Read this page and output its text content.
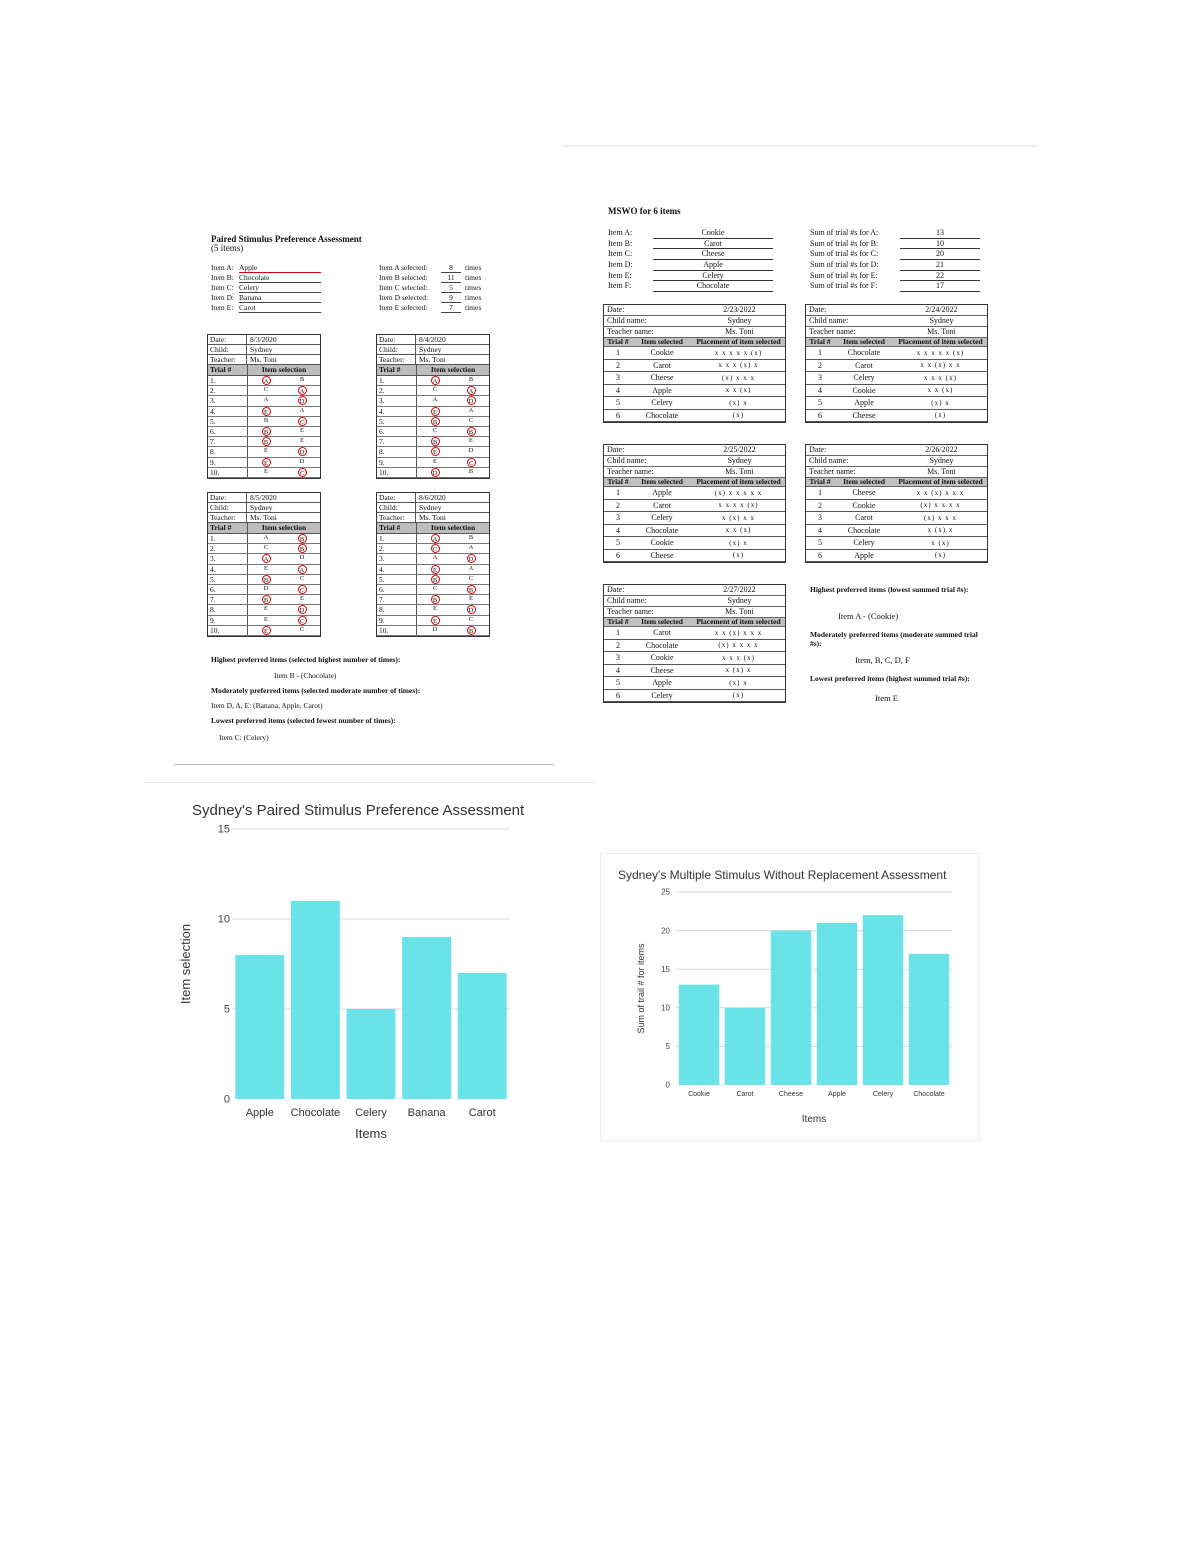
Paired Stimulus Preference Assessment
(5 items)
Item A: Apple
Item B: Chocolate
Item C: Celery
Item D: Banana
Item E: Carot
Item A selected:	8	times
Item B selected:	11	times
Item C selected:	5	times
Item D selected:	9	times
Item E selected:	7	times
Date:	8/3/2020
Child:	Sydney
Teacher:	Ms. Toni
Trial #	Item selection
1.	A	B
2.	C	A
3.	A	D
4.	E	A
5.	B	C
6.	B	E
7.	B	E
8.	E	D
9.	E	D
10.	E	C
Date:	8/4/2020
Child:	Sydney
Teacher:	Ms. Toni
Trial #	Item selection
1.	A	B
2.	C	A
3.	A	D
4.	E	A
5.	B	C
6.	C	B
7.	B	E
8.	E	D
9.	E	C
10.	D	B
Date:	8/5/2020
Child:	Sydney
Teacher:	Ms. Toni
Trial #	Item selection
1.	A	B
2.	C	B
3.	A	D
4.	E	A
5.	B	C
6.	D	C
7.	B	E
8.	E	D
9.	E	C
10.	E	C
Date:	8/6/2020
Child:	Sydney
Teacher:	Ms. Toni
Trial #	Item selection
1.	A	B
2.	C	A
3.	A	D
4.	E	A
5.	B	C
6.	C	B
7.	B	E
8.	E	D
9.	E	C
10.	D	B
Highest preferred items (selected highest number of times):
Item B - (Chocolate)
Moderately preferred items (selected moderate number of times):
Item D, A, E: (Banana, Apple, Carot)
Lowest preferred items (selected fewest number of times):
Item C: (Celery)
MSWO for 6 items
Item A:	Cookie
Item B:	Carot
Item C:	Cheese
Item D:	Apple
Item E:	Celery
Item F:	Chocolate
Sum of trial #s for A:	13
Sum of trial #s for B:	10
Sum of trial #s for C:	20
Sum of trial #s for D:	21
Sum of trial #s for E:	22
Sum of trial #s for F:	17
Date:	2/23/2022
Child name:	Sydney
Teacher name:	Ms. Toni
Trial #	Item selected	Placement of item selected
1	Cookie	x x x x x (x)
2	Carot	x x x (x) x
3	Cheese	(x) x x x
4	Apple	x x (x)
5	Celery	(x) x
6	Chocolate	(x)
Date:	2/24/2022
Child name:	Sydney
Teacher name:	Ms. Toni
Trial #	Item selected	Placement of item selected
1	Chocolate	x x x x x (x)
2	Carot	x x (x) x x
3	Celery	x x x (x)
4	Cookie	x x (x)
5	Apple	(x) x
6	Cheese	(x)
Date:	2/25/2022
Child name:	Sydney
Teacher name:	Ms. Toni
Trial #	Item selected	Placement of item selected
1	Apple	(x) x x x x x
2	Carot	x x x x (x)
3	Celery	x (x) x x
4	Chocolate	x x (x)
5	Cookie	(x) x
6	Cheese	(x)
Date:	2/26/2022
Child name:	Sydney
Teacher name:	Ms. Toni
Trial #	Item selected	Placement of item selected
1	Cheese	x x (x) x x x
2	Cookie	(x) x x x x
3	Carot	(x) x x x
4	Chocolate	x (x) x
5	Celery	x (x)
6	Apple	(x)
Date:	2/27/2022
Child name:	Sydney
Teacher name:	Ms. Toni
Trial #	Item selected	Placement of item selected
1	Carot	x x (x) x x x
2	Chocolate	(x) x x x x
3	Cookie	x x x (x)
4	Cheese	x (x) x
5	Apple	(x) x
6	Celery	(x)
Highest preferred items (lowest summed trial #s):
Item A - (Cookie)
Moderately preferred items (moderate summed trial #s):
Item, B, C, D, F
Lowest preferred items (highest summed trial #s):
Item E
Sydney's Paired Stimulus Preference Assessment
0
5
10
15
Apple Chocolate Celery Banana Carot
Items
Item selection
Sydney's Multiple Stimulus Without Replacement Assessment
0
5
10
15
20
25
Cookie	Carot	Cheese	Apple	Celery	Chocolate
Items
Sum of trail # for items
